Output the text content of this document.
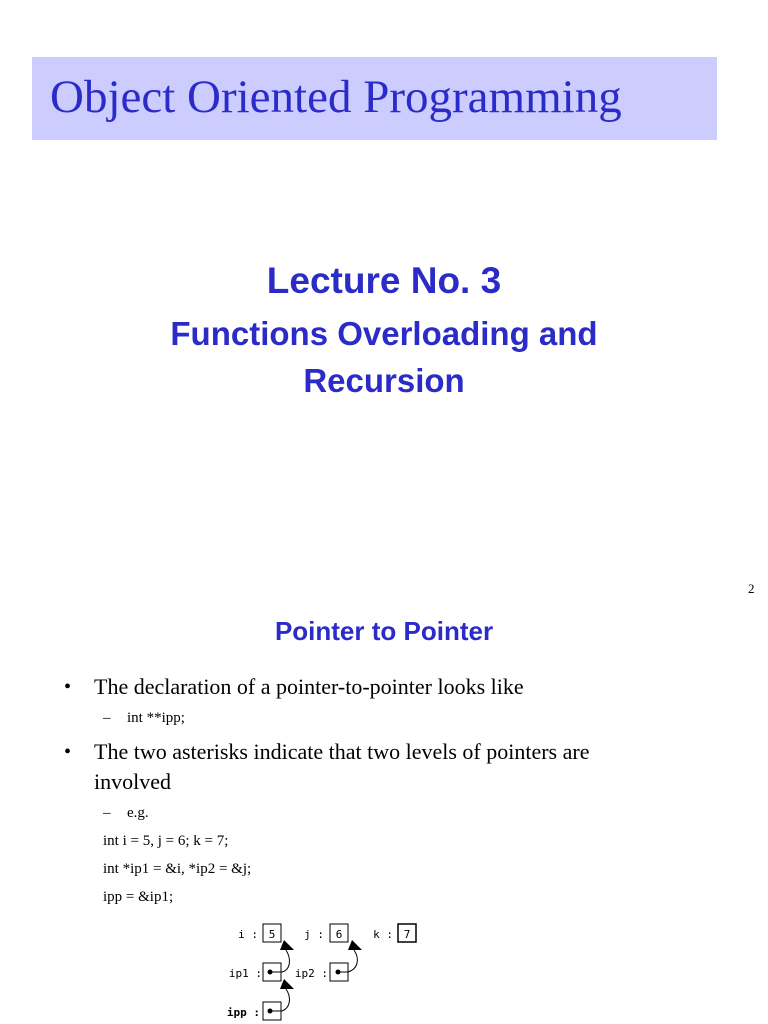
Object Oriented Programming
Lecture No. 3
Functions Overloading and
Recursion
2
Pointer to Pointer
• The declaration of a pointer-to-pointer looks like
– int **ipp;
• The two asterisks indicate that two levels of pointers are
involved
– e.g.
int i = 5, j = 6; k = 7;
int *ip1 = &i, *ip2 = &j;
ipp = &ip1;
i : 5	j : 6	k : 7
ip1 :	ip2 :
ipp :
